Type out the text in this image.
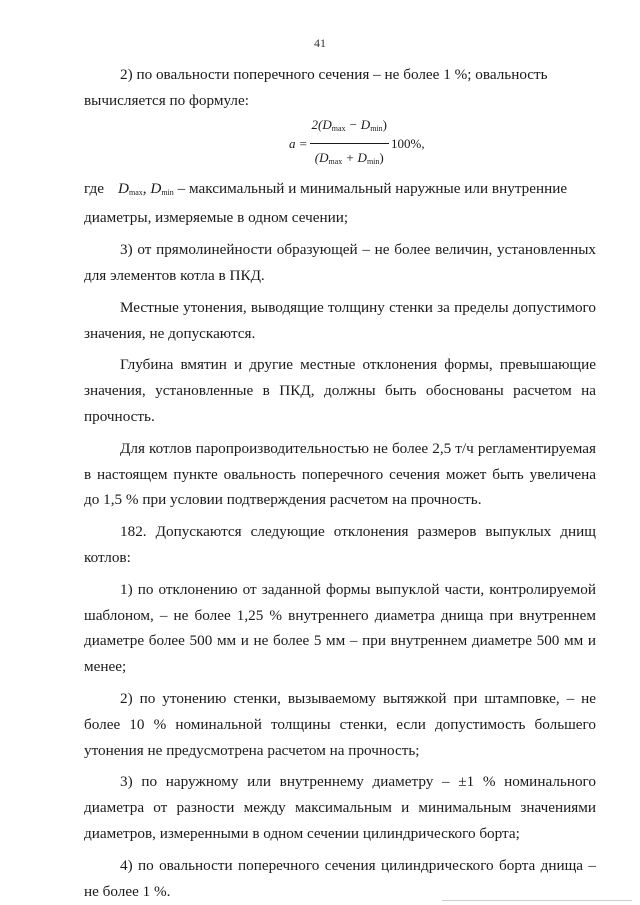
41

2) по овальности поперечного сечения – не более 1 %; овальность

вычисляется по формуле:

$a = \frac{2(D_{max} - D_{min})}{(D_{max} + D_{min})} 100\%$,

где $D_{max}$, $D_{min}$ – максимальный и минимальный наружные или внутренние

диаметры, измеряемые в одном сечении;

3) от прямолинейности образующей – не более величин, установленных для элементов котла в ПКД.

Местные утонения, выводящие толщину стенки за пределы допустимого значения, не допускаются.

Глубина вмятин и другие местные отклонения формы, превышающие значения, установленные в ПКД, должны быть обоснованы расчетом на прочность.

Для котлов паропроизводительностью не более 2,5 т/ч регламентируемая в настоящем пункте овальность поперечного сечения может быть увеличена до 1,5 % при условии подтверждения расчетом на прочность.

182. Допускаются следующие отклонения размеров выпуклых днищ котлов:

1) по отклонению от заданной формы выпуклой части, контролируемой шаблоном, – не более 1,25 % внутреннего диаметра днища при внутреннем диаметре более 500 мм и не более 5 мм – при внутреннем диаметре 500 мм и менее;

2) по утонению стенки, вызываемому вытяжкой при штамповке, – не более 10 % номинальной толщины стенки, если допустимость большего утонения не предусмотрена расчетом на прочность;

3) по наружному или внутреннему диаметру – ±1 % номинального диаметра от разности между максимальным и минимальным значениями диаметров, измеренными в одном сечении цилиндрического борта;

4) по овальности поперечного сечения цилиндрического борта днища – не более 1 %.
